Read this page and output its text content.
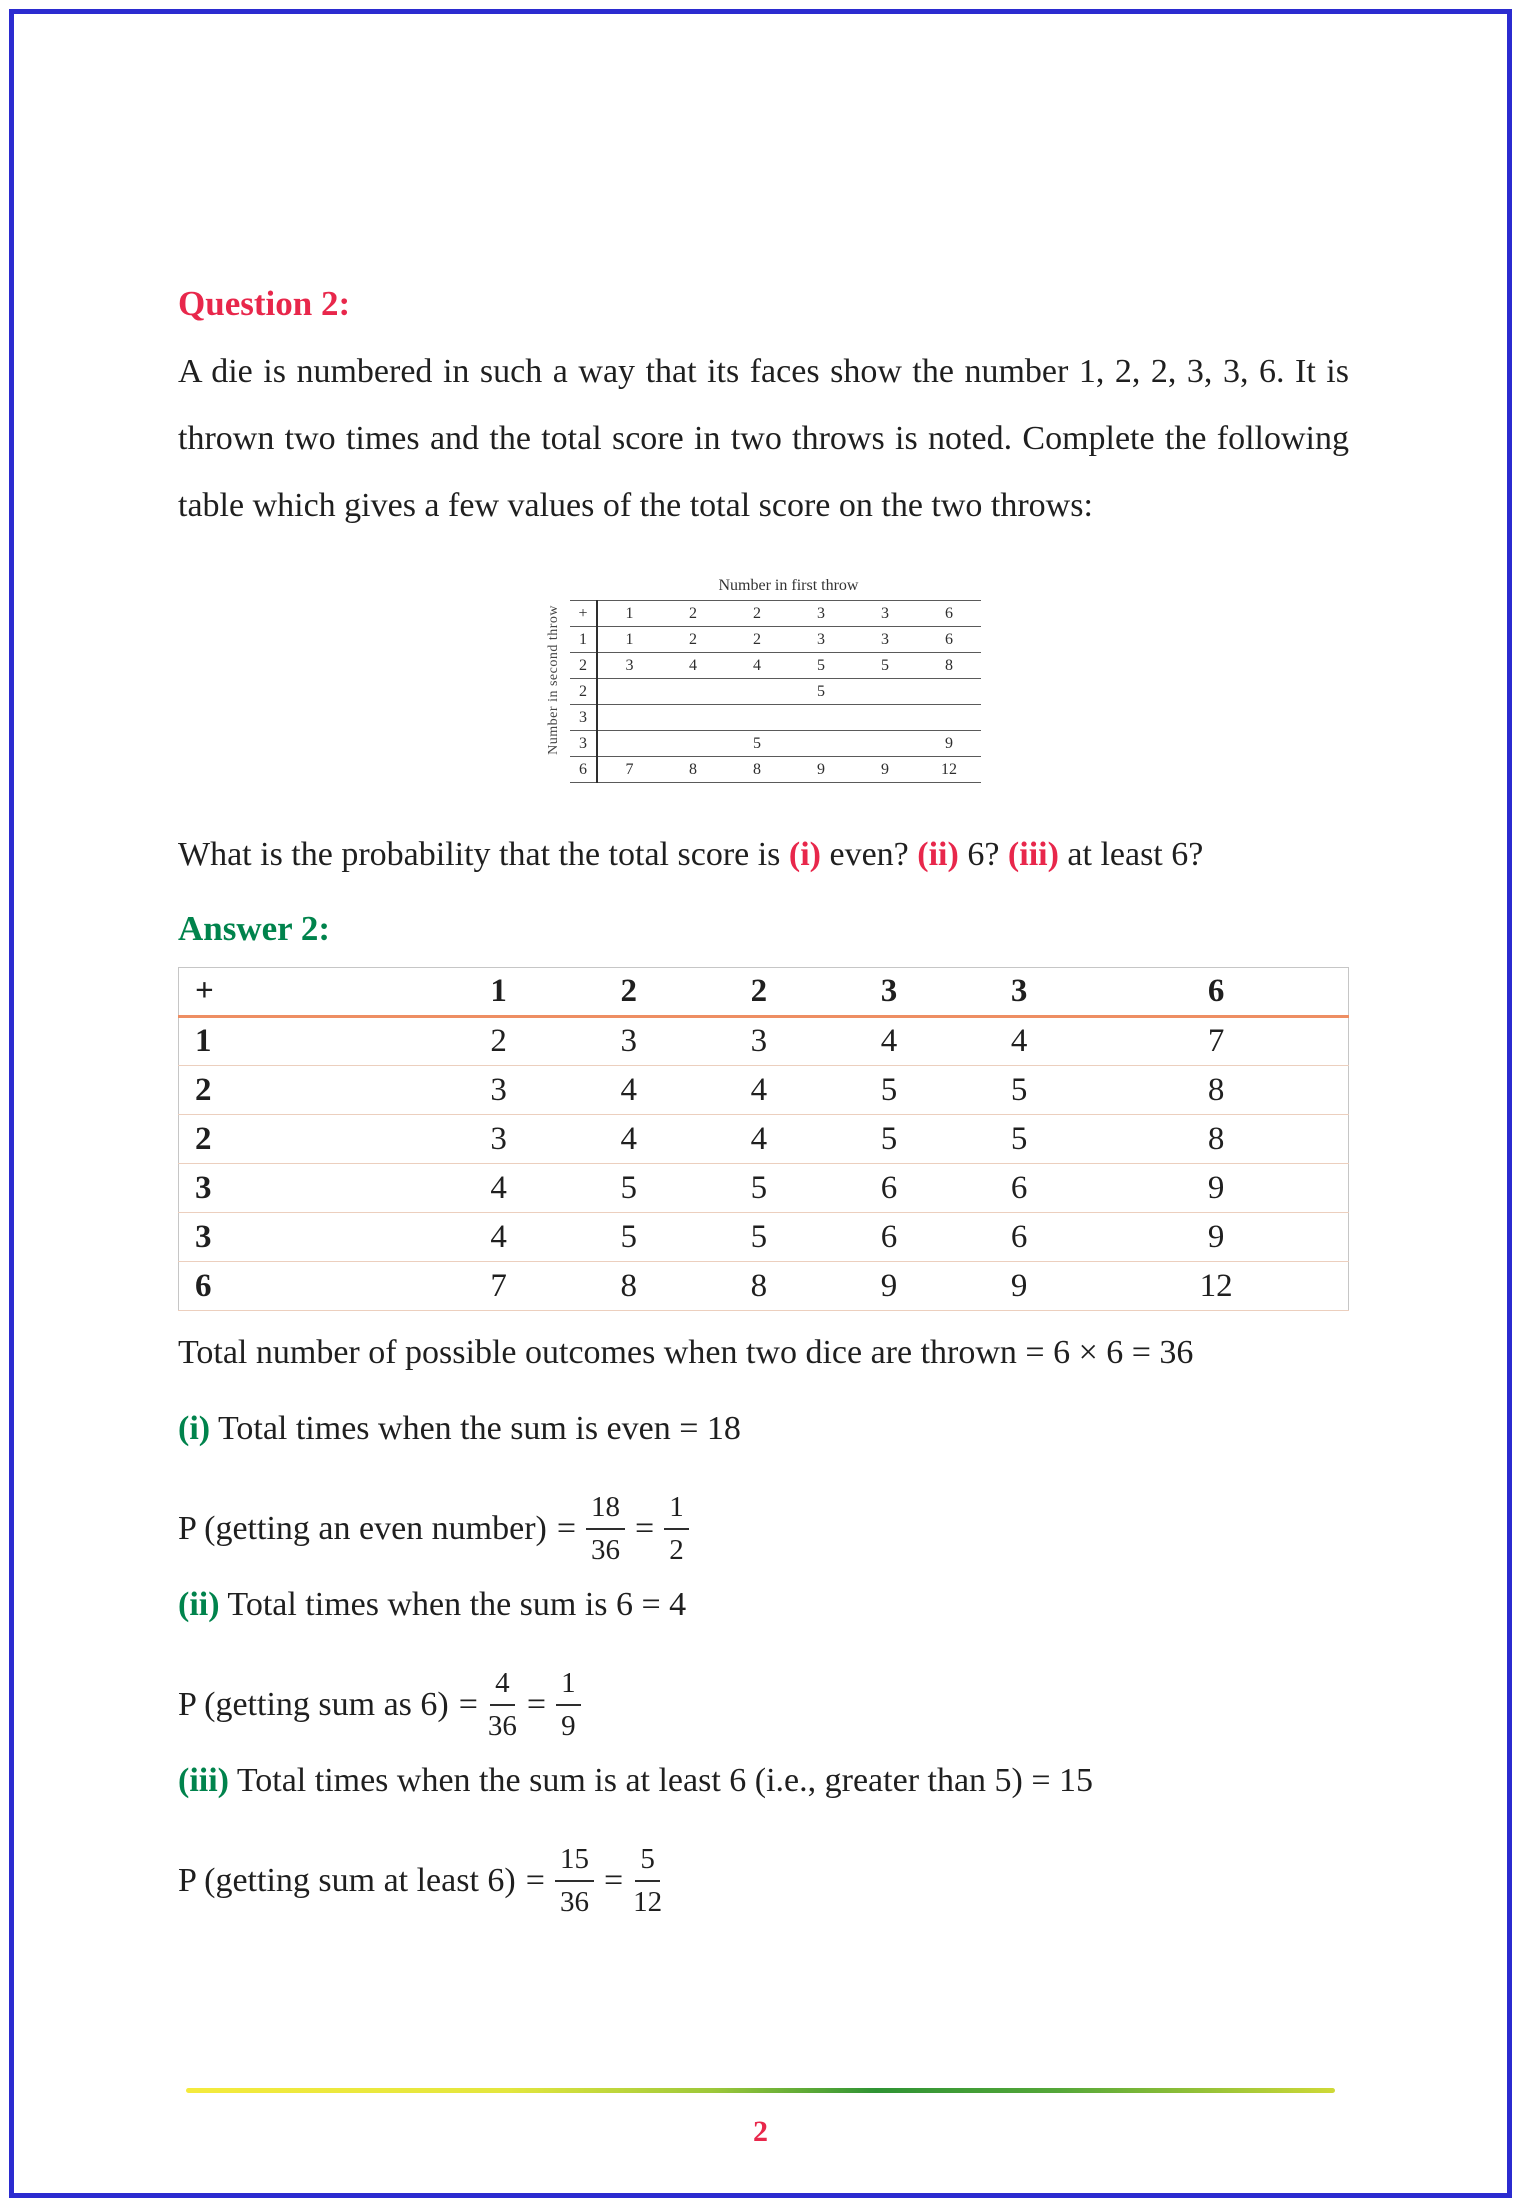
Question 2:

A die is numbered in such a way that its faces show the number 1, 2, 2, 3, 3, 6. It is thrown two times and the total score in two throws is noted. Complete the following table which gives a few values of the total score on the two throws:

Number in second throw
Number in first throw
+	1	2	2	3	3	6
1	1	2	2	3	3	6
2	3	4	4	5	5	8
2				5		
3						
3			5			9
6	7	8	8	9	9	12

What is the probability that the total score is (i) even? (ii) 6? (iii) at least 6?

Answer 2:
+	1	2	2	3	3	6
1	2	3	3	4	4	7
2	3	4	4	5	5	8
2	3	4	4	5	5	8
3	4	5	5	6	6	9
3	4	5	5	6	6	9
6	7	8	8	9	9	12

Total number of possible outcomes when two dice are thrown = 6 × 6 = 36

(i) Total times when the sum is even = 18

P (getting an even number) = $\frac{18}{36} = \frac{1}{2}$

(ii) Total times when the sum is 6 = 4

P (getting sum as $6) = \frac{4}{36} = \frac{1}{9}$

(iii) Total times when the sum is at least 6 (i.e., greater than 5) = 15

P (getting sum at least $6) = \frac{15}{36} = \frac{5}{12}$
2
